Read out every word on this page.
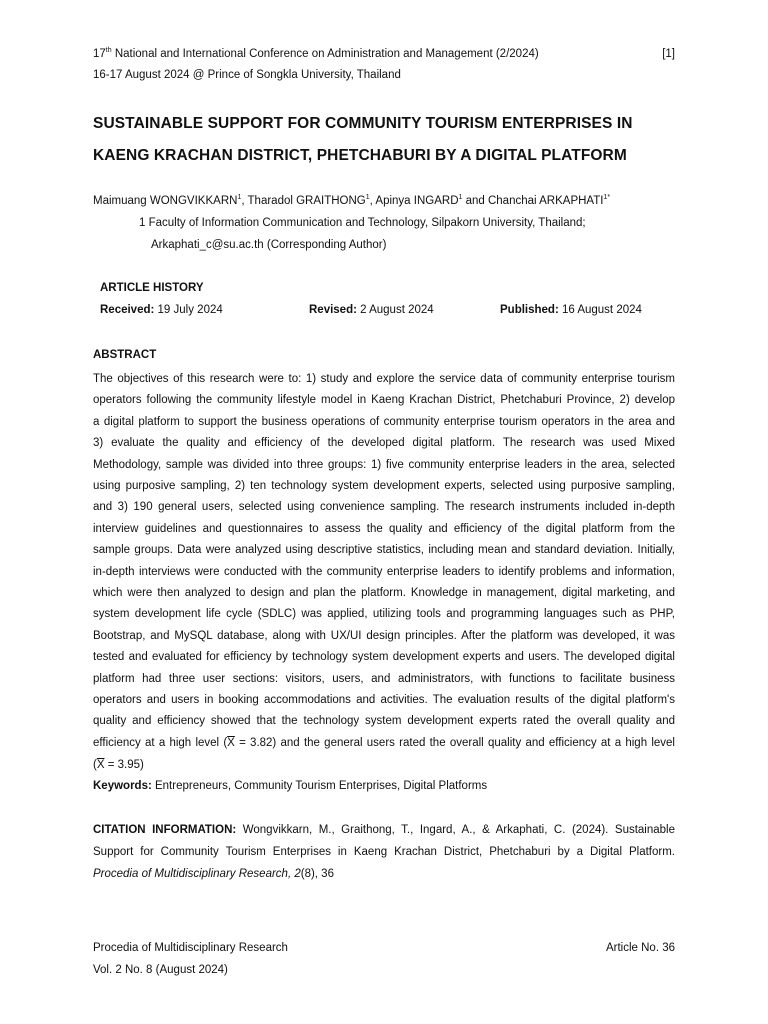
17th National and International Conference on Administration and Management (2/2024)	[1]
16-17 August 2024 @ Prince of Songkla University, Thailand
SUSTAINABLE SUPPORT FOR COMMUNITY TOURISM ENTERPRISES IN
KAENG KRACHAN DISTRICT, PHETCHABURI BY A DIGITAL PLATFORM
Maimuang WONGVIKKARN$^1$, Tharadol GRAITHONG$^1$, Apinya INGARD$^1$ and Chanchai $ARKAPHATI^{1*}$
1 Faculty of Information Communication and Technology, Silpakorn University, Thailand;
Arkaphati_c@su.ac.th (Corresponding Author)
ARTICLE HISTORY
Received: 19 July 2024	Revised: 2 August 2024	Published: 16 August 2024
ABSTRACT
The objectives of this research were to: 1) study and explore the service data of community enterprise tourism
operators following the community lifestyle model in Kaeng Krachan District, Phetchaburi Province, 2) develop
a digital platform to support the business operations of community enterprise tourism operators in the area and
3) evaluate the quality and efficiency of the developed digital platform. The research was used Mixed
Methodology, sample was divided into three groups: 1) five community enterprise leaders in the area, selected
using purposive sampling, 2) ten technology system development experts, selected using purposive sampling,
and 3) 190 general users, selected using convenience sampling. The research instruments included in-depth
interview guidelines and questionnaires to assess the quality and efficiency of the digital platform from the
sample groups. Data were analyzed using descriptive statistics, including mean and standard deviation. Initially,
in-depth interviews were conducted with the community enterprise leaders to identify problems and information,
which were then analyzed to design and plan the platform. Knowledge in management, digital marketing, and
system development life cycle (SDLC) was applied, utilizing tools and programming languages such as PHP,
Bootstrap, and MySQL database, along with UX/UI design principles. After the platform was developed, it was
tested and evaluated for efficiency by technology system development experts and users. The developed digital
platform had three user sections: visitors, users, and administrators, with functions to facilitate business
operators and users in booking accommodations and activities. The evaluation results of the digital platform's
quality and efficiency showed that the technology system development experts rated the overall quality and
efficiency at a high level $(\overline{X} = 3.82)$ and the general users rated the overall quality and efficiency at a high level
$(\overline{X} = 3.95)$
Keywords: Entrepreneurs, Community Tourism Enterprises, Digital Platforms
CITATION INFORMATION: Wongvikkarn, M., Graithong, T., Ingard, A., & Arkaphati, C. (2024). Sustainable
Support for Community Tourism Enterprises in Kaeng Krachan District, Phetchaburi by a Digital Platform.
Procedia of Multidisciplinary Research, 2(8), 36
Procedia of Multidisciplinary Research	Article No. 36
Vol. 2 No. 8 (August 2024)
